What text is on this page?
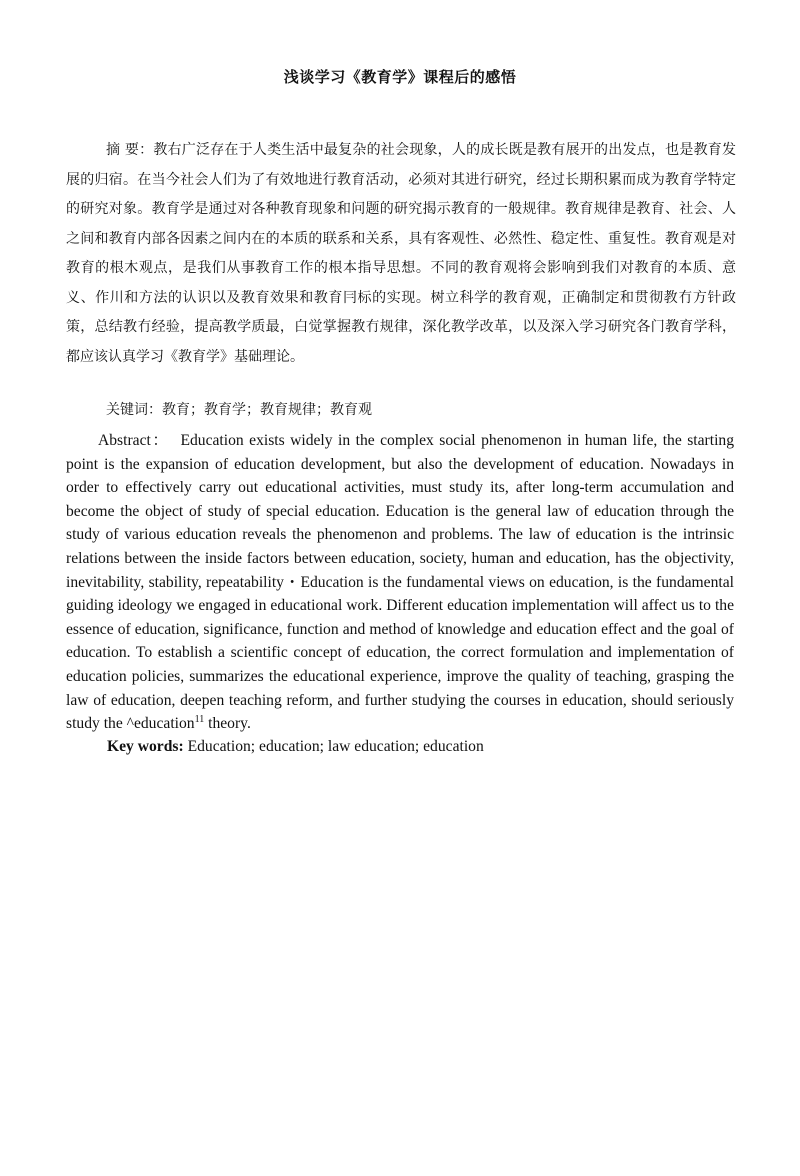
浅谈学习《教育学》课程后的感悟

摘 要：教右广泛存在于人类生活中最复杂的社会现象，人的成长既是教有展开的出发点，也是教育发展的归宿。在当今社会人们为了有效地进行教育活动，必须对其进行研究，经过长期积累而成为教育学特定的研究对象。教育学是通过对各种教育现象和问题的研究揭示教育的一般规律。教育规律是教育、社会、人之间和教育内部各因素之间内在的本质的联系和关系，具有客观性、必然性、稳定性、重复性。教育观是对教育的根木观点，是我们从事教育工作的根本指导思想。不同的教育观将会影响到我们对教育的本质、意义、作川和方法的认识以及教育效果和教育冃标的实现。树立科学的教育观，正确制定和贯彻教冇方针政策，总结教冇经验，提高教学质最，白觉掌握教冇规律，深化教学改革，以及深入学习研究各门教育学科，都应该认真学习《教育学》基础理论。

关键词：教育；教育学；教育规律；教育观

Abstract： Education exists widely in the complex social phenomenon in human life, the starting point is the expansion of education development, but also the development of education. Nowadays in order to effectively carry out educational activities, must study its, after long-term accumulation and become the object of study of special education. Education is the general law of education through the study of various education reveals the phenomenon and problems. The law of education is the intrinsic relations between the inside factors between education, society, human and education, has the objectivity, inevitability, stability, repeatability・Education is the fundamental views on education, is the fundamental guiding ideology we engaged in educational work. Different education implementation will affect us to the essence of education, significance, function and method of knowledge and education effect and the goal of education. To establish a scientific concept of education, the correct formulation and implementation of education policies, summarizes the educational experience, improve the quality of teaching, grasping the law of education, deepen teaching reform, and further studying the courses in education, should seriously study the ^education$^{11}$ theory.

Key words: Education; education; law education; education
